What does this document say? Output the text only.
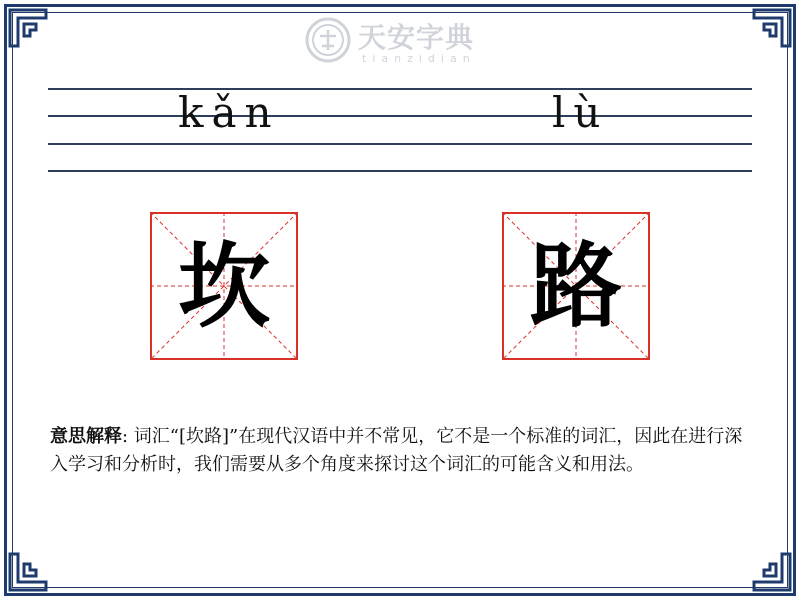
天安字典
tianzidian
kǎn	lù
坎	路
意思解释: 词汇“[坎路]”在现代汉语中并不常见，它不是一个标准的词汇，因此在进行深入学习和分析时，我们需要从多个角度来探讨这个词汇的可能含义和用法。
